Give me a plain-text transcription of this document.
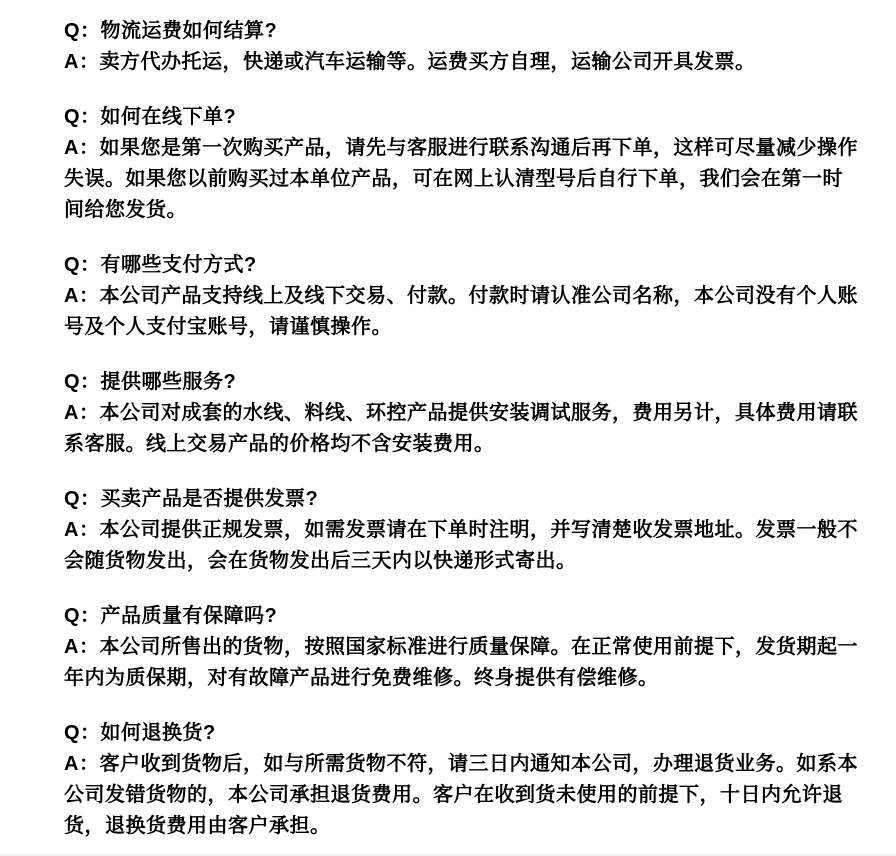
Q：物流运费如何结算?
A：卖方代办托运，快递或汽车运输等。运费买方自理，运输公司开具发票。
Q：如何在线下单?
A：如果您是第一次购买产品，请先与客服进行联系沟通后再下单，这样可尽量减少操作失误。如果您以前购买过本单位产品，可在网上认清型号后自行下单，我们会在第一时间给您发货。
Q：有哪些支付方式?
A：本公司产品支持线上及线下交易、付款。付款时请认准公司名称，本公司没有个人账号及个人支付宝账号，请谨慎操作。
Q：提供哪些服务?
A：本公司对成套的水线、料线、环控产品提供安装调试服务，费用另计，具体费用请联系客服。线上交易产品的价格均不含安装费用。
Q：买卖产品是否提供发票?
A：本公司提供正规发票，如需发票请在下单时注明，并写清楚收发票地址。发票一般不会随货物发出，会在货物发出后三天内以快递形式寄出。
Q：产品质量有保障吗?
A：本公司所售出的货物，按照国家标准进行质量保障。在正常使用前提下，发货期起一年内为质保期，对有故障产品进行免费维修。终身提供有偿维修。
Q：如何退换货?
A：客户收到货物后，如与所需货物不符，请三日内通知本公司，办理退货业务。如系本公司发错货物的，本公司承担退货费用。客户在收到货未使用的前提下，十日内允许退货，退换货费用由客户承担。
